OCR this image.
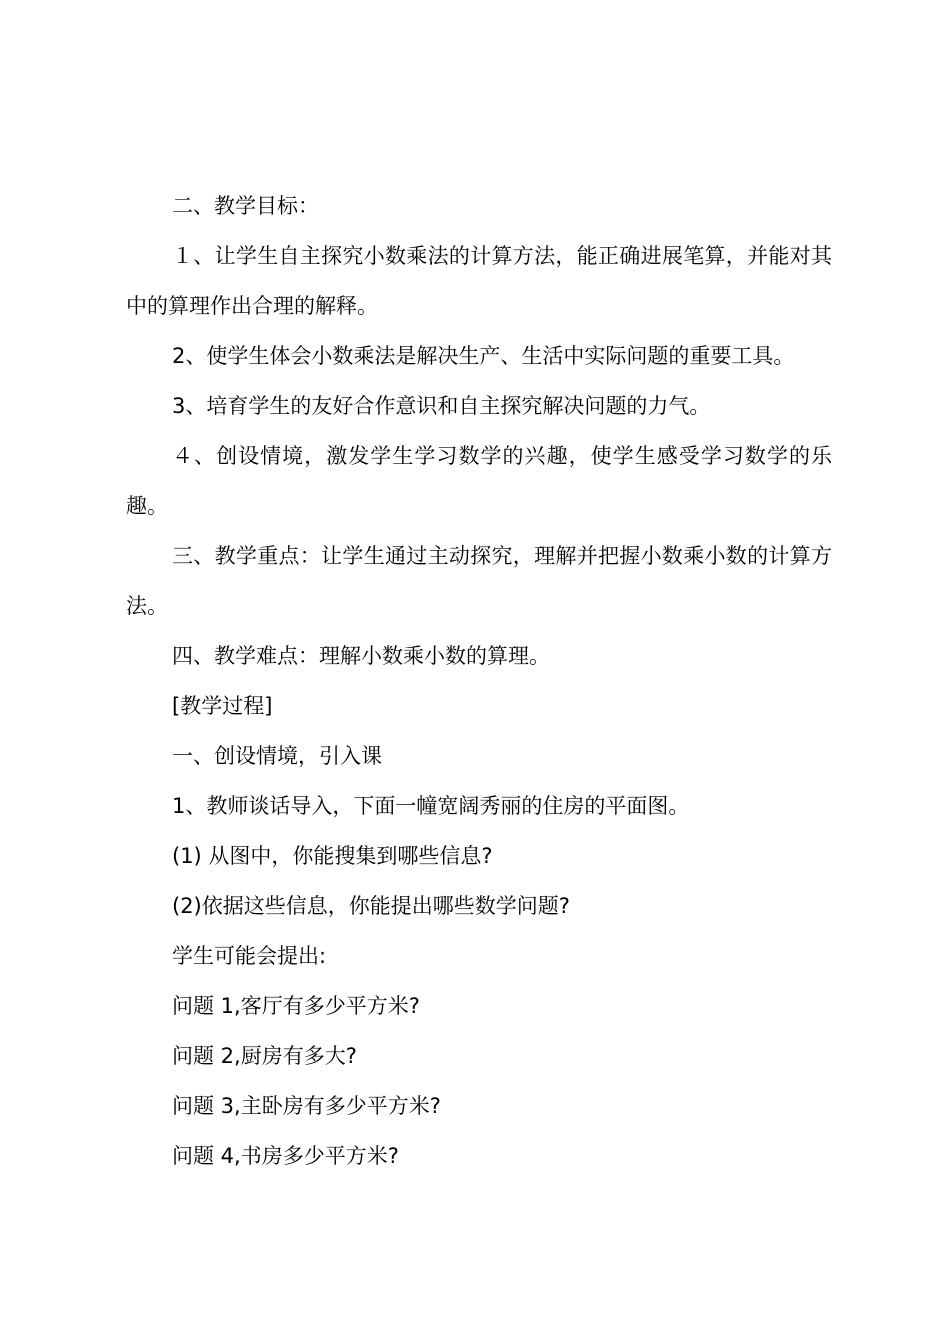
二、教学目标：

１、让学生自主探究小数乘法的计算方法，能正确进展笔算，并能对其中的算理作出合理的解释。

2、使学生体会小数乘法是解决生产、生活中实际问题的重要工具。

3、培育学生的友好合作意识和自主探究解决问题的力气。

４、创设情境，激发学生学习数学的兴趣，使学生感受学习数学的乐趣。

三、教学重点：让学生通过主动探究，理解并把握小数乘小数的计算方法。

四、教学难点：理解小数乘小数的算理。

[教学过程]

一、创设情境，引入课

1、教师谈话导入，下面一幢宽阔秀丽的住房的平面图。

(1) 从图中，你能搜集到哪些信息?

(2)依据这些信息，你能提出哪些数学问题?

学生可能会提出:

问题 1,客厅有多少平方米?

问题 2,厨房有多大?

问题 3,主卧房有多少平方米?

问题 4,书房多少平方米?
